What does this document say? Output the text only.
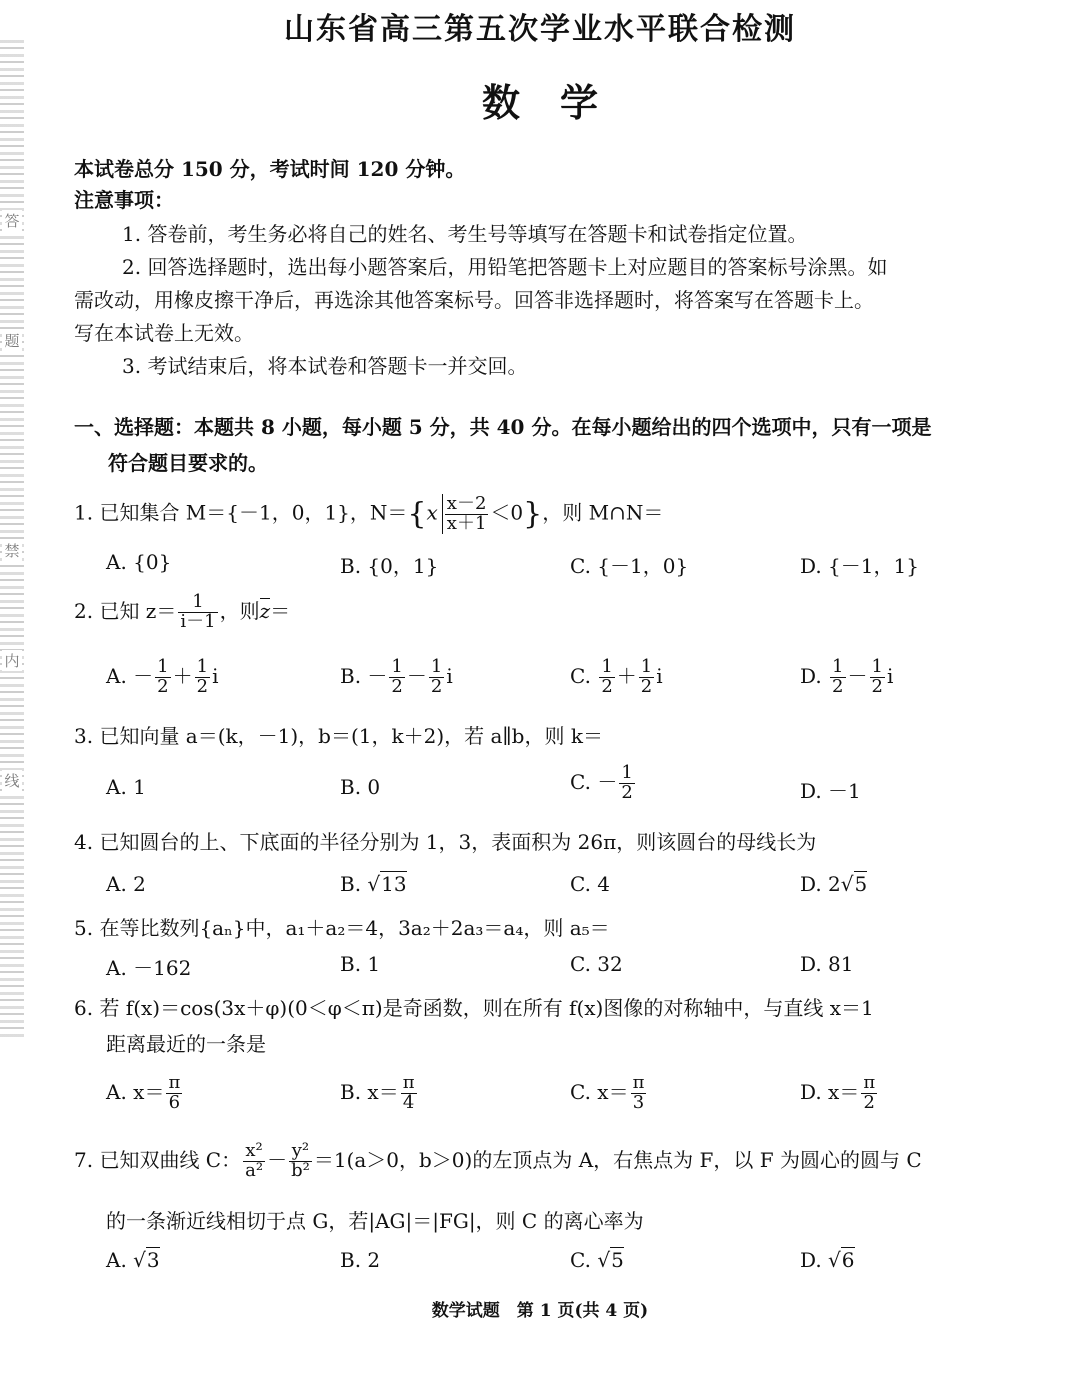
答
题
禁
内
线
山东省高三第五次学业水平联合检测
数学
本试卷总分 150 分，考试时间 120 分钟。
注意事项：
1. 答卷前，考生务必将自己的姓名、考生号等填写在答题卡和试卷指定位置。
2. 回答选择题时，选出每小题答案后，用铅笔把答题卡上对应题目的答案标号涂黑。如
需改动，用橡皮擦干净后，再选涂其他答案标号。回答非选择题时，将答案写在答题卡上。
写在本试卷上无效。
3. 考试结束后，将本试卷和答题卡一并交回。
一、选择题：本题共 8 小题，每小题 5 分，共 40 分。在每小题给出的四个选项中，只有一项是
符合题目要求的。
1. 已知集合 M＝{－1，0，1}，$N=\{x \frac{x-2}{x+1} <0\}$，则 M∩N＝
A. {0}	B. {0，1}	C. {－1，0}	D. {－1，1}
2. 已知 $z= \frac{1}{i-1}$ ，则z＝
A. － $\frac{1}{2} + \frac{1}{2}$ i	B. － $\frac{1}{2} - \frac{1}{2}$ i	C. $\frac{1}{2} + \frac{1}{2}$ i	D. $\frac{1}{2} - \frac{1}{2}$ i
3. 已知向量 a＝(k，－1)，b＝(1，k＋2)，若 a∥b，则 k＝
A. 1	B. 0	C. － $\frac{1}{2}$	D. －1
4. 已知圆台的上、下底面的半径分别为 1，3，表面积为 26π，则该圆台的母线长为
A. 2	B. √13	C. 4	D. 2√5
5. 在等比数列{aₙ}中，a₁＋a₂＝4，3a₂＋2a₃＝a₄，则 a₅＝
A. －162	B. 1	C. 32	D. 81
6. 若 f(x)＝cos(3x＋φ)(0＜φ＜π)是奇函数，则在所有 f(x)图像的对称轴中，与直线 x＝1
距离最近的一条是
A. $x= \frac{\pi}{6}$	B. $x= \frac{\pi}{4}$	C. $x= \frac{\pi}{3}$	D. $x= \frac{\pi}{2}$
7. 已知双曲线 C： $\frac{\text{x²}}{\text{a²}} - \frac{\text{y²}}{\text{b²}} =1(a>0$，b＞0)的左顶点为 A，右焦点为 F，以 F 为圆心的圆与 C
的一条渐近线相切于点 G，若|AG|＝|FG|，则 C 的离心率为
A. √3	B. 2	C. √5	D. √6
数学试题　第 1 页(共 4 页)
